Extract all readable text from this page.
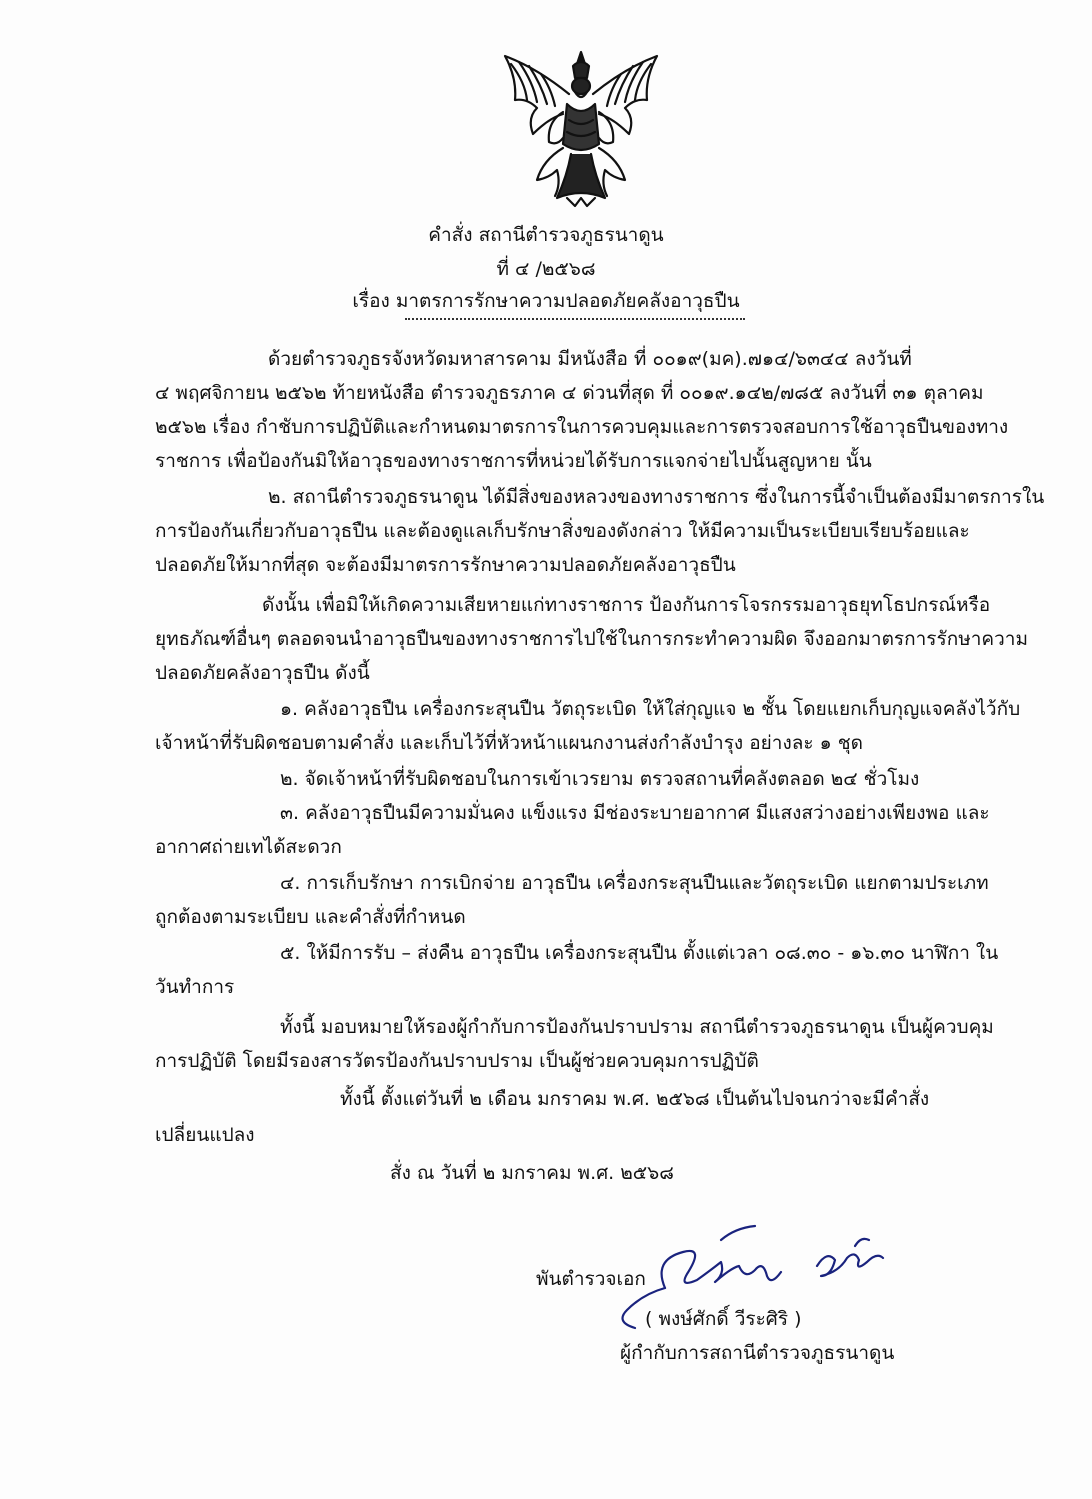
คำสั่ง สถานีตำรวจภูธรนาดูน
ที่ ๔ /๒๕๖๘
เรื่อง มาตรการรักษาความปลอดภัยคลังอาวุธปืน
ด้วยตำรวจภูธรจังหวัดมหาสารคาม มีหนังสือ ที่ ๐๐๑๙(มค).๗๑๔/๖๓๔๔ ลงวันที่
๔ พฤศจิกายน ๒๕๖๒ ท้ายหนังสือ ตำรวจภูธรภาค ๔ ด่วนที่สุด ที่ ๐๐๑๙.๑๔๒/๗๘๕ ลงวันที่ ๓๑ ตุลาคม
๒๕๖๒ เรื่อง กำชับการปฏิบัติและกำหนดมาตรการในการควบคุมและการตรวจสอบการใช้อาวุธปืนของทาง
ราชการ เพื่อป้องกันมิให้อาวุธของทางราชการที่หน่วยได้รับการแจกจ่ายไปนั้นสูญหาย นั้น
๒. สถานีตำรวจภูธรนาดูน ได้มีสิ่งของหลวงของทางราชการ ซึ่งในการนี้จำเป็นต้องมีมาตรการใน
การป้องกันเกี่ยวกับอาวุธปืน และต้องดูแลเก็บรักษาสิ่งของดังกล่าว ให้มีความเป็นระเบียบเรียบร้อยและ
ปลอดภัยให้มากที่สุด จะต้องมีมาตรการรักษาความปลอดภัยคลังอาวุธปืน
ดังนั้น เพื่อมิให้เกิดความเสียหายแก่ทางราชการ ป้องกันการโจรกรรมอาวุธยุทโธปกรณ์หรือ
ยุทธภัณฑ์อื่นๆ ตลอดจนนำอาวุธปืนของทางราชการไปใช้ในการกระทำความผิด จึงออกมาตรการรักษาความ
ปลอดภัยคลังอาวุธปืน ดังนี้
๑. คลังอาวุธปืน เครื่องกระสุนปืน วัตถุระเบิด ให้ใส่กุญแจ ๒ ชั้น โดยแยกเก็บกุญแจคลังไว้กับ
เจ้าหน้าที่รับผิดชอบตามคำสั่ง และเก็บไว้ที่หัวหน้าแผนกงานส่งกำลังบำรุง อย่างละ ๑ ชุด
๒. จัดเจ้าหน้าที่รับผิดชอบในการเข้าเวรยาม ตรวจสถานที่คลังตลอด ๒๔ ชั่วโมง
๓. คลังอาวุธปืนมีความมั่นคง แข็งแรง มีช่องระบายอากาศ มีแสงสว่างอย่างเพียงพอ และ
อากาศถ่ายเทได้สะดวก
๔. การเก็บรักษา การเบิกจ่าย อาวุธปืน เครื่องกระสุนปืนและวัตถุระเบิด แยกตามประเภท
ถูกต้องตามระเบียบ และคำสั่งที่กำหนด
๕. ให้มีการรับ – ส่งคืน อาวุธปืน เครื่องกระสุนปืน ตั้งแต่เวลา ๐๘.๓๐ - ๑๖.๓๐ นาฬิกา ใน
วันทำการ
ทั้งนี้ มอบหมายให้รองผู้กำกับการป้องกันปราบปราม สถานีตำรวจภูธรนาดูน เป็นผู้ควบคุม
การปฏิบัติ โดยมีรองสารวัตรป้องกันปราบปราม เป็นผู้ช่วยควบคุมการปฏิบัติ
ทั้งนี้ ตั้งแต่วันที่ ๒ เดือน มกราคม พ.ศ. ๒๕๖๘ เป็นต้นไปจนกว่าจะมีคำสั่ง
เปลี่ยนแปลง
สั่ง ณ วันที่ ๒ มกราคม พ.ศ. ๒๕๖๘
พันตำรวจเอก
( พงษ์ศักดิ์ วีระศิริ )
ผู้กำกับการสถานีตำรวจภูธรนาดูน
